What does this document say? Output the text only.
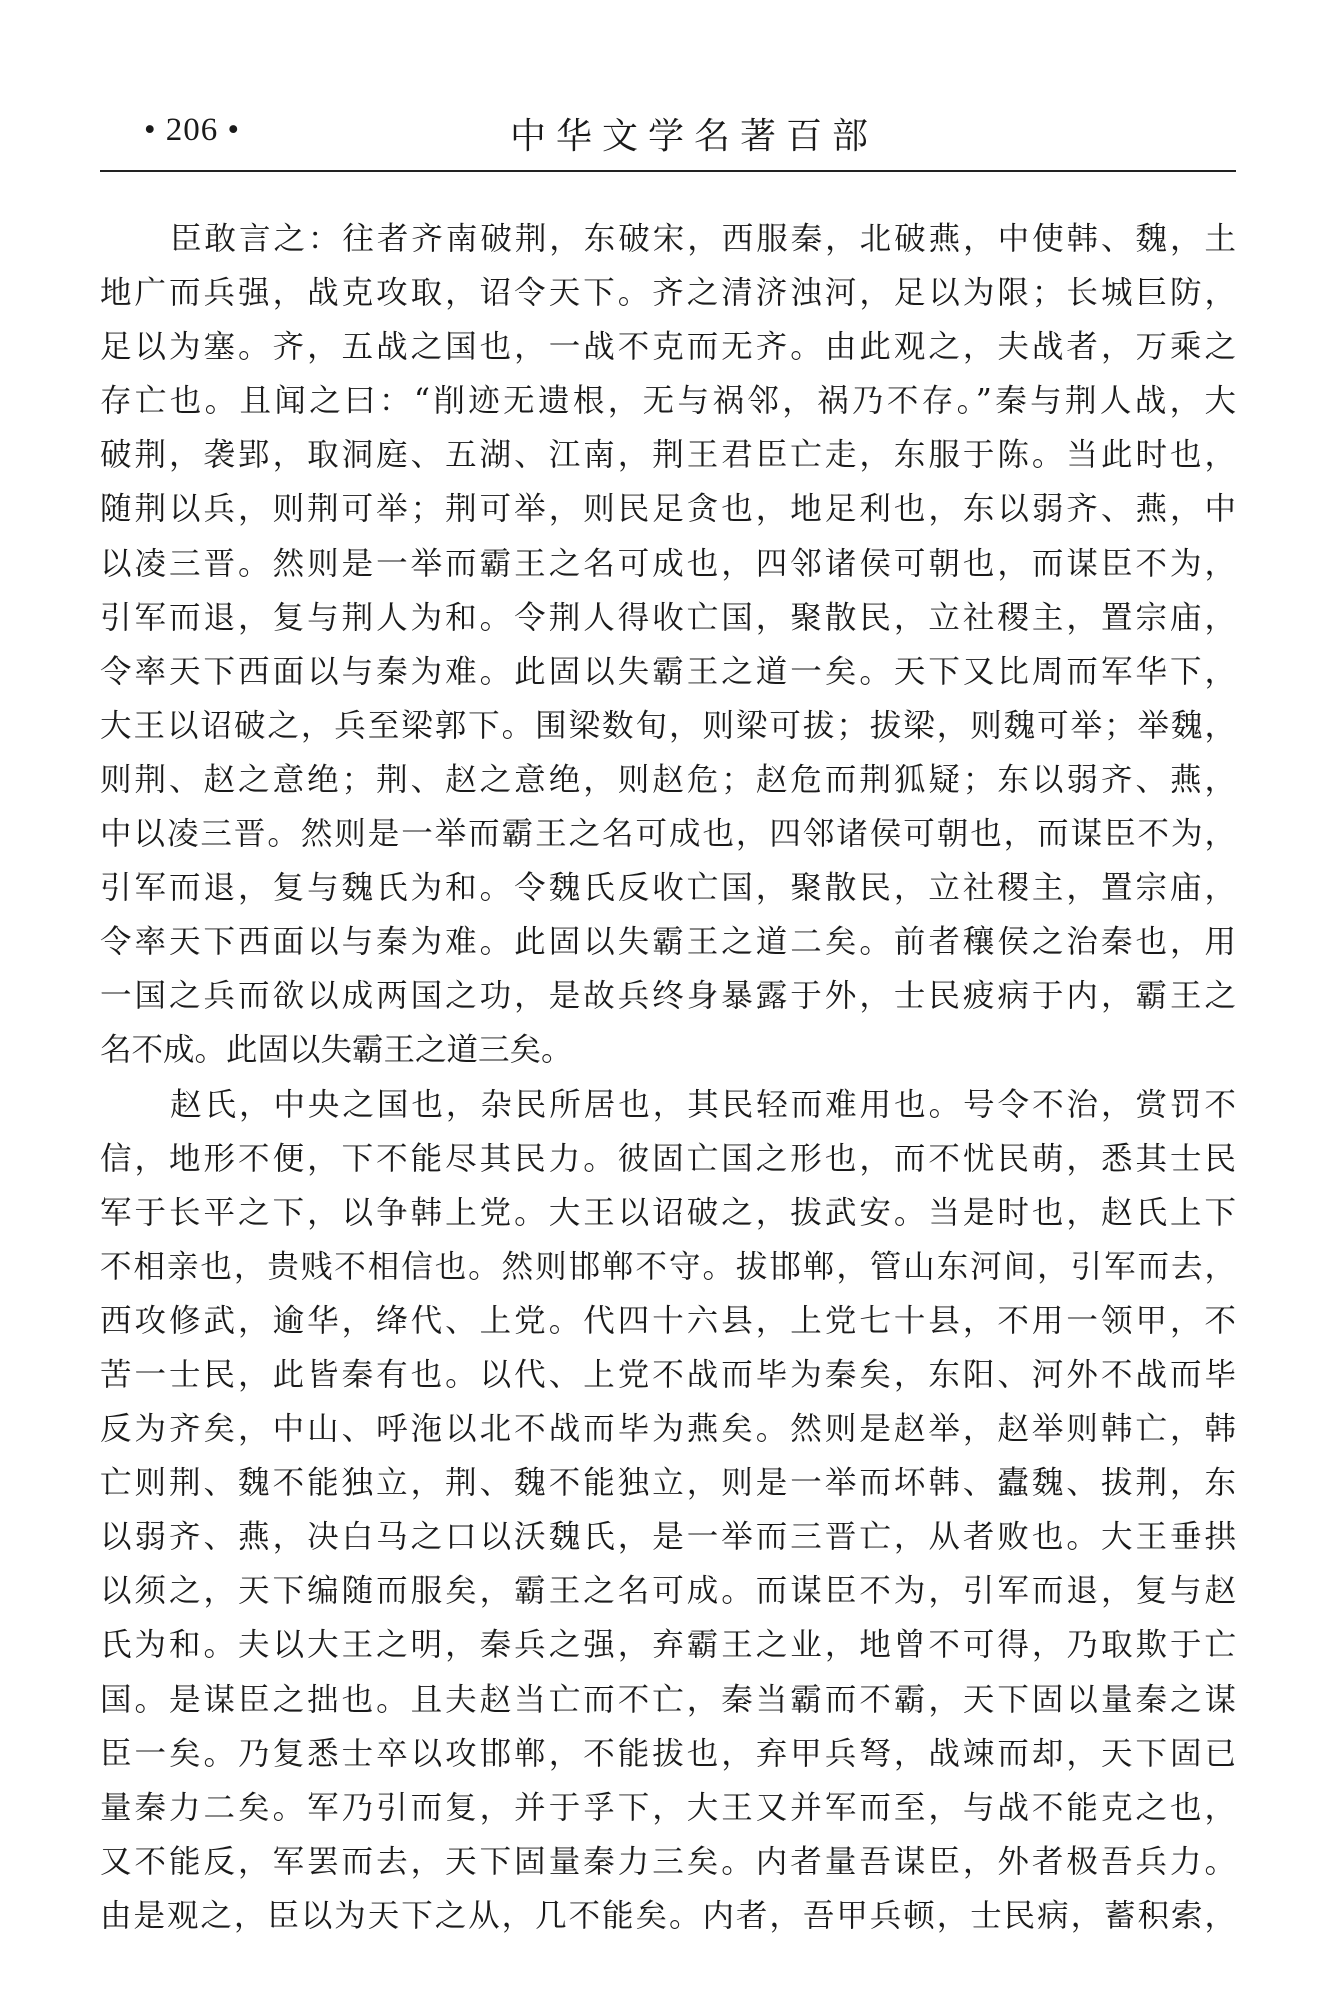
• 206 •	中华文学名著百部
臣敢言之：往者齐南破荆，东破宋，西服秦，北破燕，中使韩、魏，土
地广而兵强，战克攻取，诏令天下。齐之清济浊河，足以为限；长城巨防，
足以为塞。齐，五战之国也，一战不克而无齐。由此观之，夫战者，万乘之
存亡也。且闻之曰：“削迹无遗根，无与祸邻，祸乃不存。”秦与荆人战，大
破荆，袭郢，取洞庭、五湖、江南，荆王君臣亡走，东服于陈。当此时也，
随荆以兵，则荆可举；荆可举，则民足贪也，地足利也，东以弱齐、燕，中
以凌三晋。然则是一举而霸王之名可成也，四邻诸侯可朝也，而谋臣不为，
引军而退，复与荆人为和。令荆人得收亡国，聚散民，立社稷主，置宗庙，
令率天下西面以与秦为难。此固以失霸王之道一矣。天下又比周而军华下，
大王以诏破之，兵至梁郭下。围梁数旬，则梁可拔；拔梁，则魏可举；举魏，
则荆、赵之意绝；荆、赵之意绝，则赵危；赵危而荆狐疑；东以弱齐、燕，
中以凌三晋。然则是一举而霸王之名可成也，四邻诸侯可朝也，而谋臣不为，
引军而退，复与魏氏为和。令魏氏反收亡国，聚散民，立社稷主，置宗庙，
令率天下西面以与秦为难。此固以失霸王之道二矣。前者穰侯之治秦也，用
一国之兵而欲以成两国之功，是故兵终身暴露于外，士民疲病于内，霸王之
名不成。此固以失霸王之道三矣。
赵氏，中央之国也，杂民所居也，其民轻而难用也。号令不治，赏罚不
信，地形不便，下不能尽其民力。彼固亡国之形也，而不忧民萌，悉其士民
军于长平之下，以争韩上党。大王以诏破之，拔武安。当是时也，赵氏上下
不相亲也，贵贱不相信也。然则邯郸不守。拔邯郸，管山东河间，引军而去，
西攻修武，逾华，绛代、上党。代四十六县，上党七十县，不用一领甲，不
苦一士民，此皆秦有也。以代、上党不战而毕为秦矣，东阳、河外不战而毕
反为齐矣，中山、呼沲以北不战而毕为燕矣。然则是赵举，赵举则韩亡，韩
亡则荆、魏不能独立，荆、魏不能独立，则是一举而坏韩、蠹魏、拔荆，东
以弱齐、燕，决白马之口以沃魏氏，是一举而三晋亡，从者败也。大王垂拱
以须之，天下编随而服矣，霸王之名可成。而谋臣不为，引军而退，复与赵
氏为和。夫以大王之明，秦兵之强，弃霸王之业，地曾不可得，乃取欺于亡
国。是谋臣之拙也。且夫赵当亡而不亡，秦当霸而不霸，天下固以量秦之谋
臣一矣。乃复悉士卒以攻邯郸，不能拔也，弃甲兵弩，战竦而却，天下固已
量秦力二矣。军乃引而复，并于孚下，大王又并军而至，与战不能克之也，
又不能反，军罢而去，天下固量秦力三矣。内者量吾谋臣，外者极吾兵力。
由是观之，臣以为天下之从，几不能矣。内者，吾甲兵顿，士民病，蓄积索，
